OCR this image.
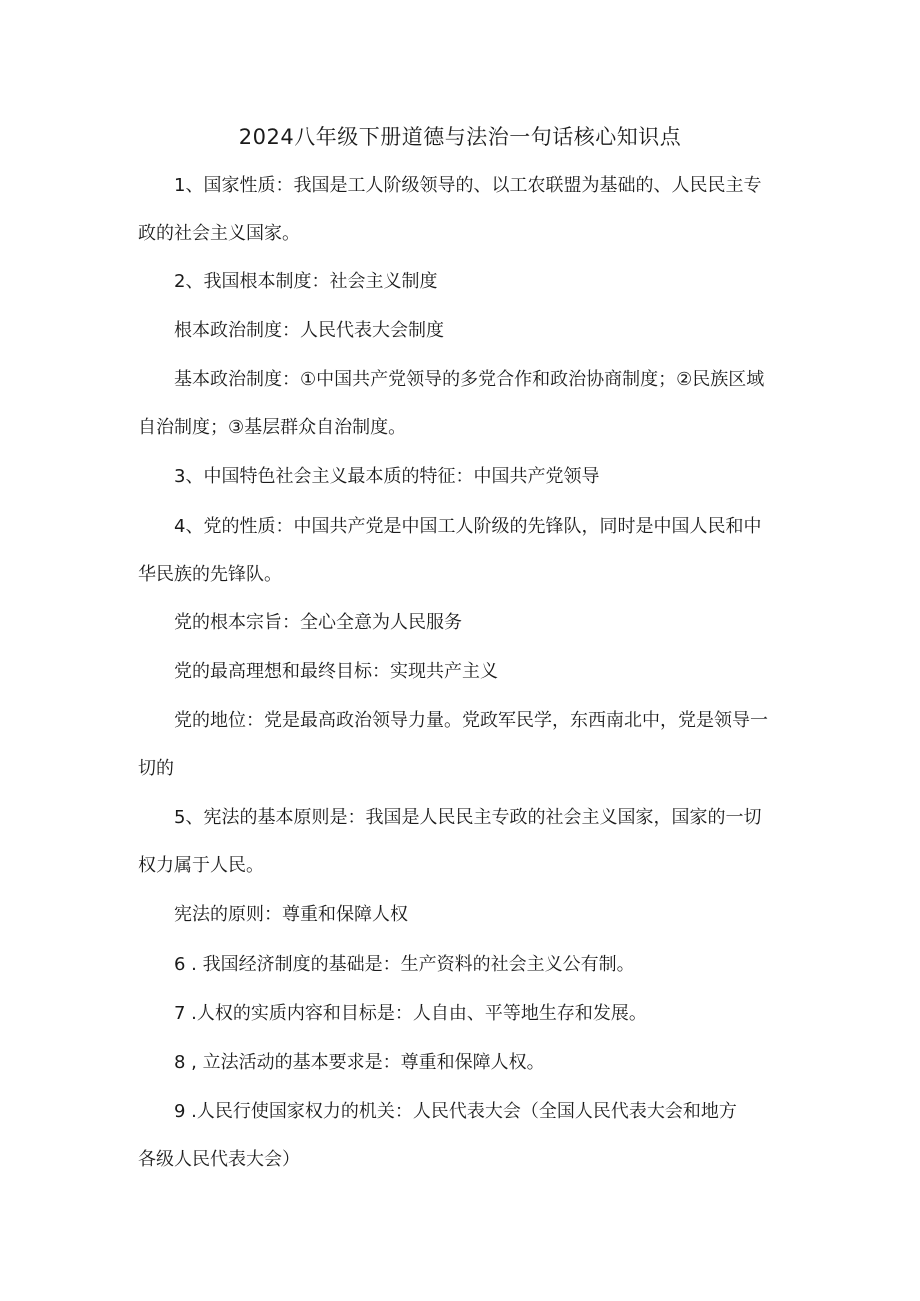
2024八年级下册道德与法治一句话核心知识点
1、国家性质：我国是工人阶级领导的、以工农联盟为基础的、人民民主专
政的社会主义国家。
2、我国根本制度：社会主义制度
根本政治制度：人民代表大会制度
基本政治制度：①中国共产党领导的多党合作和政治协商制度；②民族区域
自治制度；③基层群众自治制度。
3、中国特色社会主义最本质的特征：中国共产党领导
4、党的性质：中国共产党是中国工人阶级的先锋队，同时是中国人民和中
华民族的先锋队。
党的根本宗旨：全心全意为人民服务
党的最高理想和最终目标：实现共产主义
党的地位：党是最高政治领导力量。党政军民学，东西南北中，党是领导一
切的
5、宪法的基本原则是：我国是人民民主专政的社会主义国家，国家的一切
权力属于人民。
宪法的原则：尊重和保障人权
6 . 我国经济制度的基础是：生产资料的社会主义公有制。
7 .人权的实质内容和目标是：人自由、平等地生存和发展。
8 , 立法活动的基本要求是：尊重和保障人权。
9 .人民行使国家权力的机关：人民代表大会（全国人民代表大会和地方
各级人民代表大会）
